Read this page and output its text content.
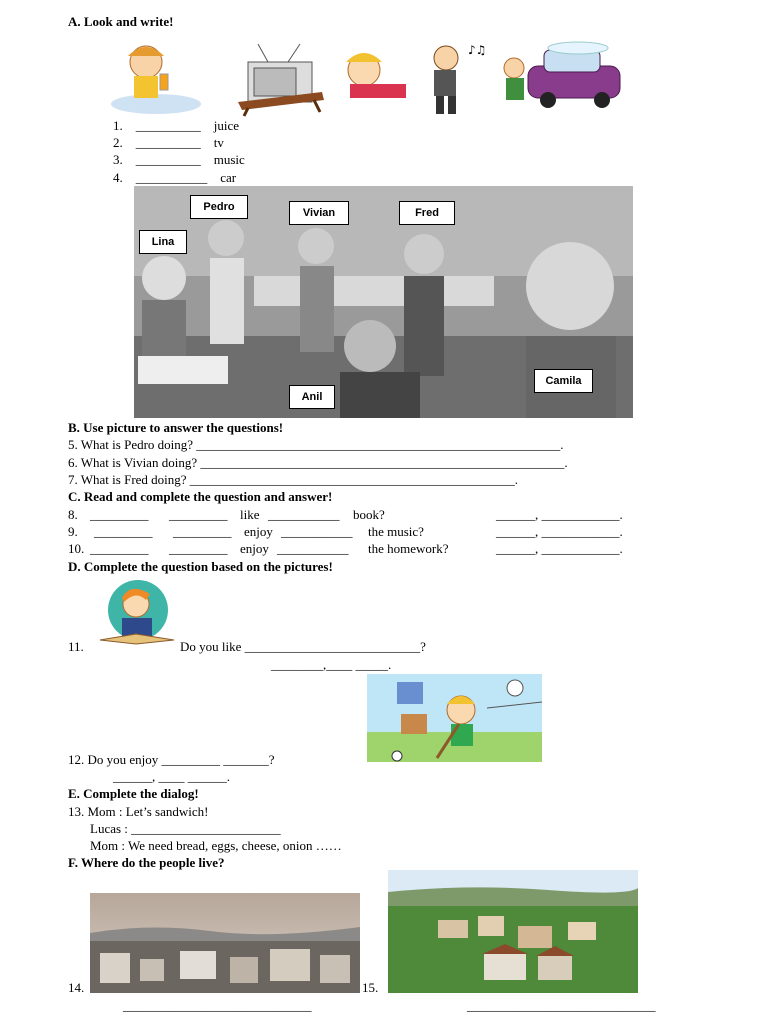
A. Look and write!
♪♫
1. __________ juice
2. __________ tv
3. __________ music
4. ___________ car
Pedro	Vivian	Fred
Lina
Camila
Anil
B. Use picture to answer the questions!
5. What is Pedro doing? ________________________________________________________.
6. What is Vivian doing? ________________________________________________________.
7. What is Fred doing? __________________________________________________.
C. Read and complete the question and answer!
8. _________ _________ like ___________ book?	______, ____________.
9. _________ _________ enjoy ___________ the music?	______, ____________.
10. _________ _________ enjoy ___________ the homework?	______, ____________.
D. Complete the question based on the pictures!
11.	Do you like ___________________________?
________,____ _____.
12. Do you enjoy _________ _______?
______, ____ ______.
E. Complete the dialog!
13. Mom : Let’s sandwich!
Lucas : _______________________
Mom : We need bread, eggs, cheese, onion ……
F. Where do the people live?
14.	15.
_____________________________	_____________________________
